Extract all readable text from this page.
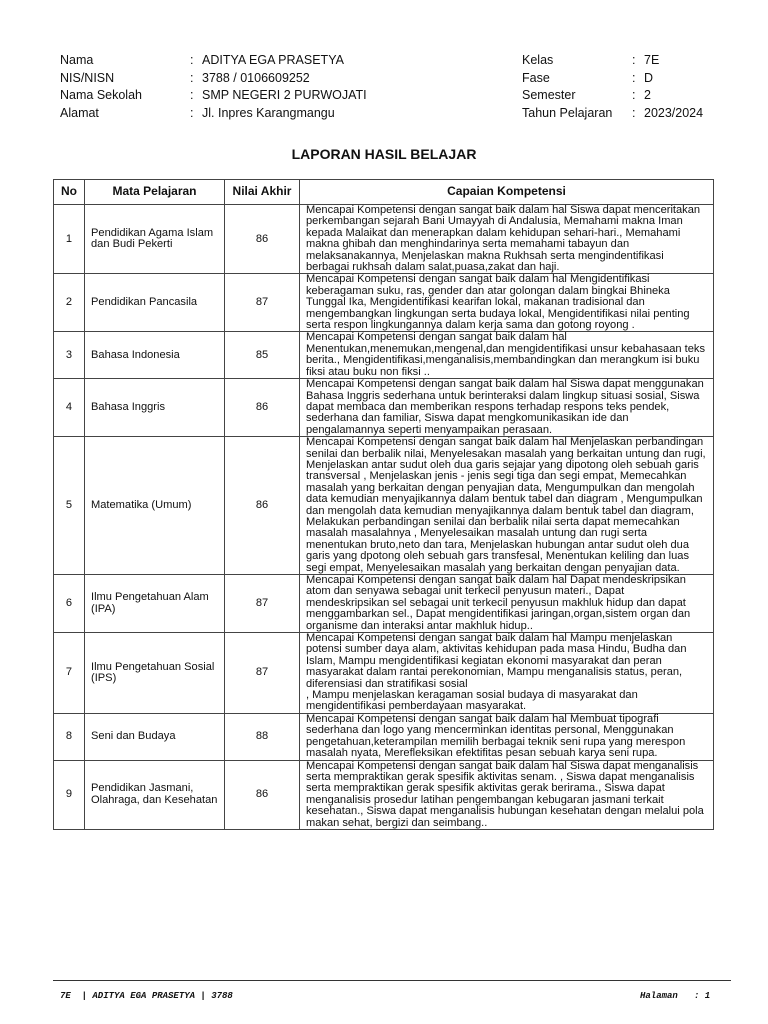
Nama	: ADITYA EGA PRASETYA
NIS/NISN	: 3788 / 0106609252
Nama Sekolah	: SMP NEGERI 2 PURWOJATI
Alamat	: Jl. Inpres Karangmangu
Kelas	: 7E
Fase	: D
Semester	: 2
Tahun Pelajaran	: 2023/2024
LAPORAN HASIL BELAJAR
No	Mata Pelajaran	Nilai Akhir	Capaian Kompetensi
1	Pendidikan Agama Islam dan Budi Pekerti	86	Mencapai Kompetensi dengan sangat baik dalam hal Siswa dapat menceritakan perkembangan sejarah Bani Umayyah di Andalusia, Memahami makna Iman kepada Malaikat dan menerapkan dalam kehidupan sehari-hari., Memahami makna ghibah dan menghindarinya serta memahami tabayun dan melaksanakannya, Menjelaskan makna Rukhsah serta mengindentifikasi berbagai rukhsah dalam salat,puasa,zakat dan haji.
2	Pendidikan Pancasila	87	Mencapai Kompetensi dengan sangat baik dalam hal Mengidentifikasi keberagaman suku, ras, gender dan atar golongan dalam bingkai Bhineka Tunggal Ika, Mengidentifikasi kearifan lokal, makanan tradisional dan mengembangkan lingkungan serta budaya lokal, Mengidentifikasi nilai penting serta respon lingkungannya dalam kerja sama dan gotong royong .
3	Bahasa Indonesia	85	Mencapai Kompetensi dengan sangat baik dalam hal Menentukan,menemukan,mengenal,dan mengidentifikasi unsur kebahasaan teks berita., Mengidentifikasi,menganalisis,membandingkan dan merangkum isi buku fiksi atau buku non fiksi ..
4	Bahasa Inggris	86	Mencapai Kompetensi dengan sangat baik dalam hal Siswa dapat menggunakan Bahasa Inggris sederhana untuk berinteraksi dalam lingkup situasi sosial, Siswa dapat membaca dan memberikan respons terhadap respons teks pendek, sederhana dan familiar, Siswa dapat mengkomunikasikan ide dan pengalamannya seperti menyampaikan perasaan.
5	Matematika (Umum)	86	Mencapai Kompetensi dengan sangat baik dalam hal Menjelaskan perbandingan senilai dan berbalik nilai, Menyelesakan masalah yang berkaitan untung dan rugi, Menjelaskan antar sudut oleh dua garis sejajar yang dipotong oleh sebuah garis transversal , Menjelaskan jenis - jenis segi tiga dan segi empat, Memecahkan masalah yang berkaitan dengan penyajian data, Mengumpulkan dan mengolah data kemudian menyajikannya dalam bentuk tabel dan diagram , Mengumpulkan dan mengolah data kemudian menyajikannya dalam bentuk tabel dan diagram, Melakukan perbandingan senilai dan berbalik nilai serta dapat memecahkan masalah masalahnya , Menyelesaikan masalah untung dan rugi serta menentukan bruto,neto dan tara, Menjelaskan hubungan antar sudut oleh dua garis yang dpotong oleh sebuah gars transfesal, Menentukan keliling dan luas segi empat, Menyelesaikan masalah yang berkaitan dengan penyajian data.
6	Ilmu Pengetahuan Alam (IPA)	87	Mencapai Kompetensi dengan sangat baik dalam hal Dapat mendeskripsikan atom dan senyawa sebagai unit terkecil penyusun materi., Dapat mendeskripsikan sel sebagai unit terkecil penyusun makhluk hidup dan dapat menggambarkan sel., Dapat mengidentifikasi jaringan,organ,sistem organ dan organisme dan interaksi antar makhluk hidup..
7	Ilmu Pengetahuan Sosial (IPS)	87	Mencapai Kompetensi dengan sangat baik dalam hal Mampu menjelaskan potensi sumber daya alam, aktivitas kehidupan pada masa Hindu, Budha dan Islam, Mampu mengidentifikasi kegiatan ekonomi masyarakat dan peran masyarakat dalam rantai perekonomian, Mampu menganalisis status, peran, diferensiasi dan stratifikasi sosial
, Mampu menjelaskan keragaman sosial budaya di masyarakat dan mengidentifikasi pemberdayaan masyarakat.
8	Seni dan Budaya	88	Mencapai Kompetensi dengan sangat baik dalam hal Membuat tipografi sederhana dan logo yang mencerminkan identitas personal, Menggunakan pengetahuan,keterampilan memilih berbagai teknik seni rupa yang merespon masalah nyata, Merefleksikan efektifitas pesan sebuah karya seni rupa.
9	Pendidikan Jasmani, Olahraga, dan Kesehatan	86	Mencapai Kompetensi dengan sangat baik dalam hal Siswa dapat menganalisis serta mempraktikan gerak spesifik aktivitas senam. , Siswa dapat menganalisis serta mempraktikan gerak spesifik aktivitas gerak berirama., Siswa dapat menganalisis prosedur latihan pengembangan kebugaran jasmani terkait kesehatan., Siswa dapat menganalisis hubungan kesehatan dengan melalui pola makan sehat, bergizi dan seimbang..
7E  | ADITYA EGA PRASETYA | 3788	Halaman   : 1
